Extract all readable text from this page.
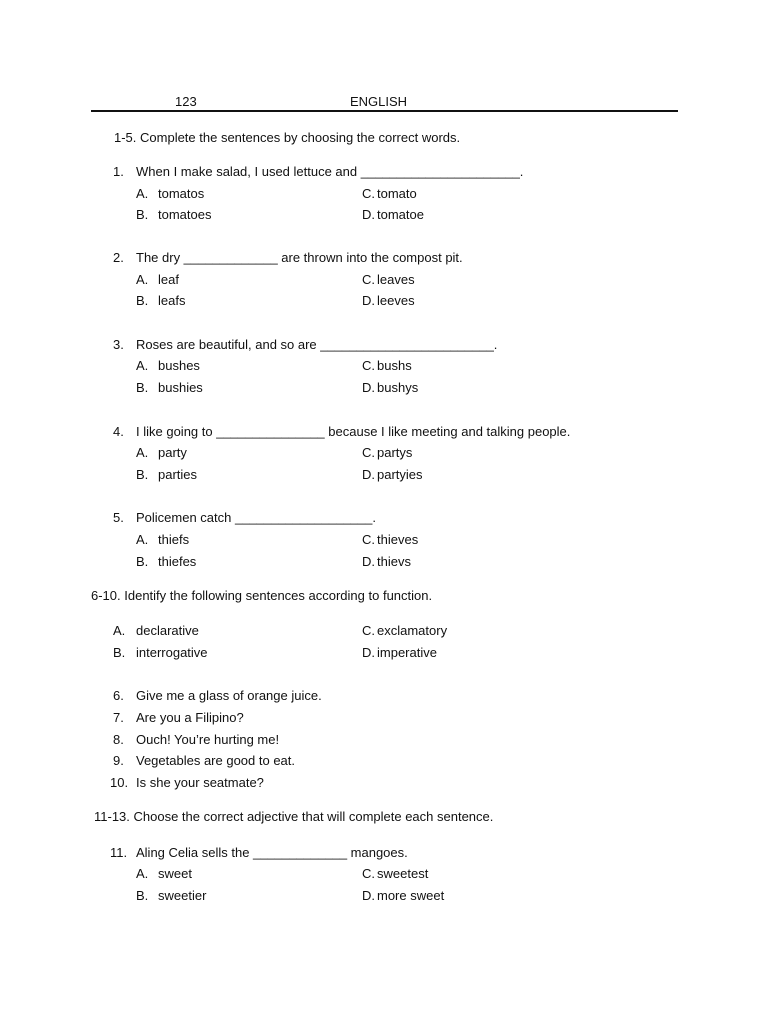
123	ENGLISH
1-5. Complete the sentences by choosing the correct words.
1. When I make salad, I used lettuce and ______________________.
A. tomatos	C. tomato
B. tomatoes	D. tomatoe
2. The dry _____________ are thrown into the compost pit.
A. leaf	C. leaves
B. leafs	D. leeves
3. Roses are beautiful, and so are ________________________.
A. bushes	C. bushs
B. bushies	D. bushys
4. I like going to _______________ because I like meeting and talking people.
A. party	C. partys
B. parties	D. partyies
5. Policemen catch ___________________.
A. thiefs	C. thieves
B. thiefes	D. thievs
6-10. Identify the following sentences according to function.
A. declarative	C. exclamatory
B. interrogative	D. imperative
6. Give me a glass of orange juice.
7. Are you a Filipino?
8. Ouch! You’re hurting me!
9. Vegetables are good to eat.
10. Is she your seatmate?
11-13. Choose the correct adjective that will complete each sentence.
11. Aling Celia sells the _____________ mangoes.
A. sweet	C. sweetest
B. sweetier	D. more sweet
